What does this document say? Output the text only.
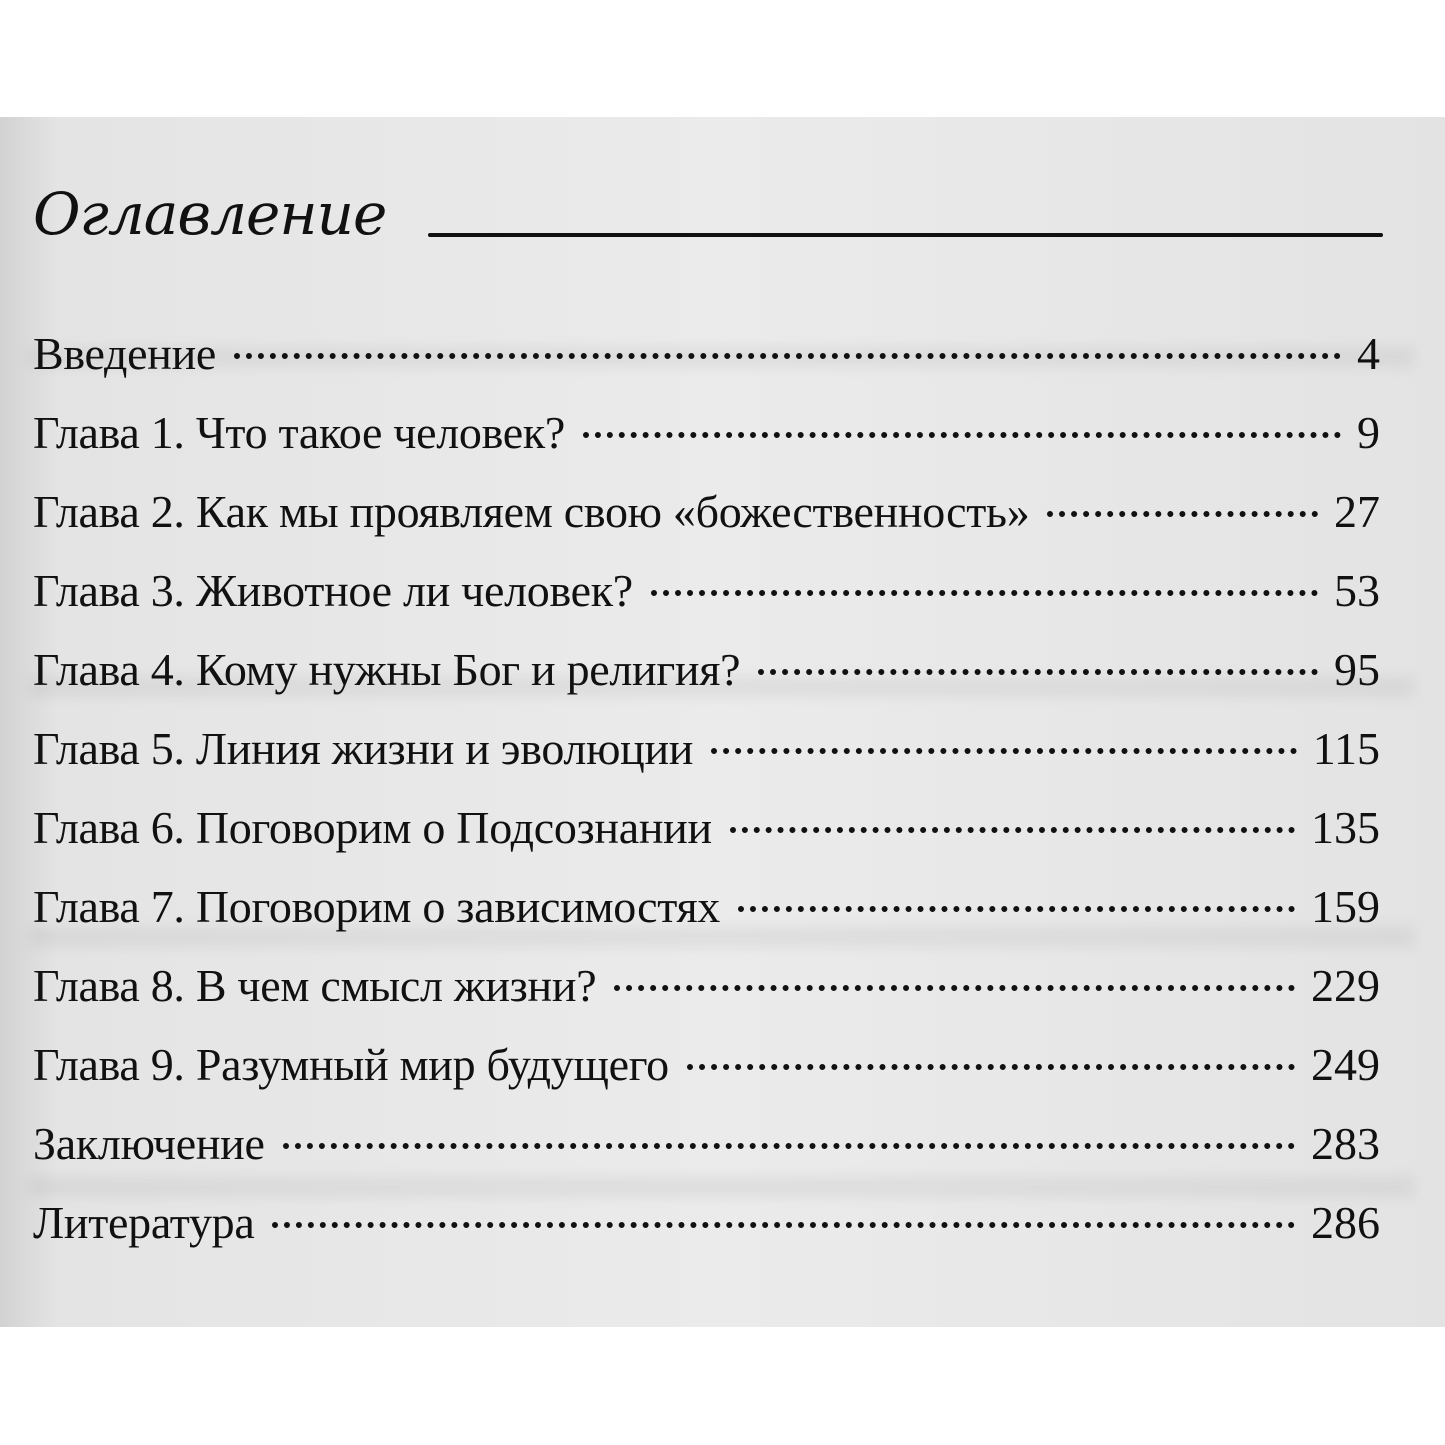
Оглавление
Введение	4
Глава 1. Что такое человек?	9
Глава 2. Как мы проявляем свою «божественность»	27
Глава 3. Животное ли человек?	53
Глава 4. Кому нужны Бог и религия?	95
Глава 5. Линия жизни и эволюции	115
Глава 6. Поговорим о Подсознании	135
Глава 7. Поговорим о зависимостях	159
Глава 8. В чем смысл жизни?	229
Глава 9. Разумный мир будущего	249
Заключение	283
Литература	286
